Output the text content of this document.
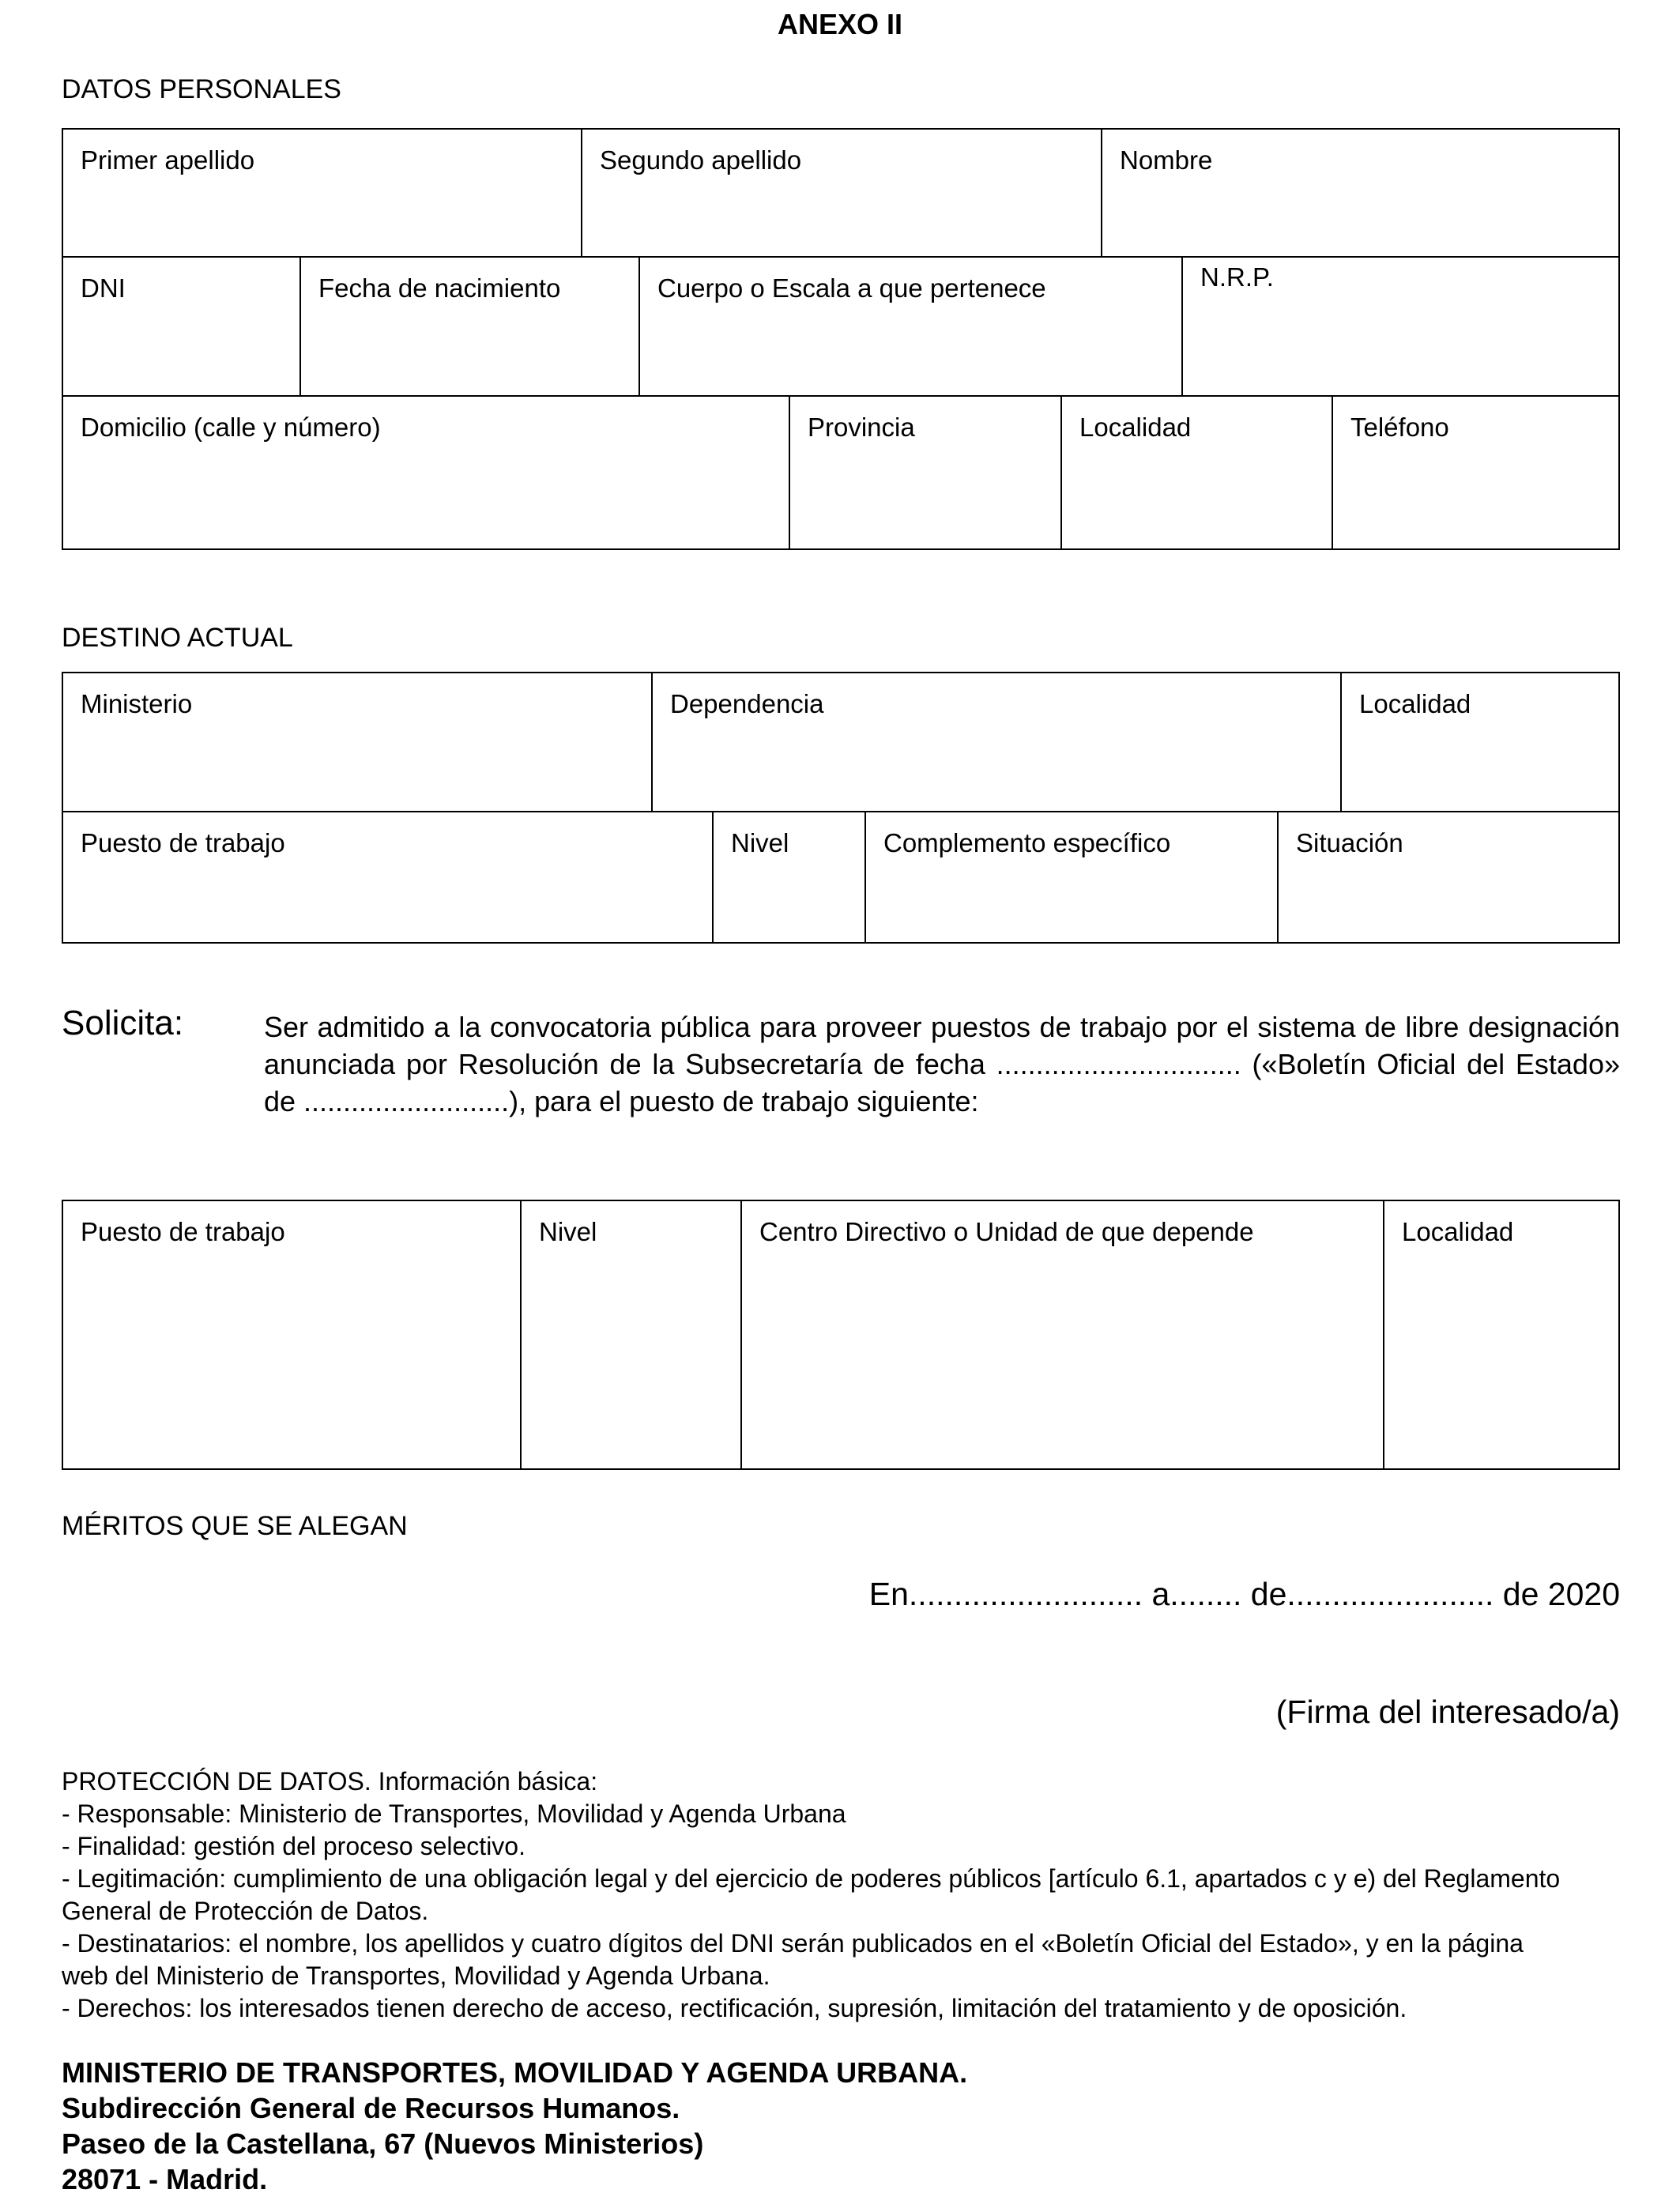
ANEXO II
DATOS PERSONALES
Primer apellido	Segundo apellido	Nombre
DNI	Fecha de nacimiento	Cuerpo o Escala a que pertenece	N.R.P.
Domicilio (calle y número)	Provincia	Localidad	Teléfono
DESTINO ACTUAL
Ministerio	Dependencia	Localidad
Puesto de trabajo	Nivel	Complemento específico	Situación
Solicita:	Ser admitido a la convocatoria pública para proveer puestos de trabajo por el sistema de libre designación anunciada por Resolución de la Subsecretaría de fecha ............................... («Boletín Oficial del Estado» de ..........................), para el puesto de trabajo siguiente:

Puesto de trabajo	Nivel	Centro Directivo o Unidad de que depende	Localidad
MÉRITOS QUE SE ALEGAN
En.......................... a........ de....................... de 2020
(Firma del interesado/a)
PROTECCIÓN DE DATOS. Información básica:
- Responsable: Ministerio de Transportes, Movilidad y Agenda Urbana
- Finalidad: gestión del proceso selectivo.
- Legitimación: cumplimiento de una obligación legal y del ejercicio de poderes públicos [artículo 6.1, apartados c y e) del Reglamento General de Protección de Datos.
- Destinatarios: el nombre, los apellidos y cuatro dígitos del DNI serán publicados en el «Boletín Oficial del Estado», y en la página web del Ministerio de Transportes, Movilidad y Agenda Urbana.
- Derechos: los interesados tienen derecho de acceso, rectificación, supresión, limitación del tratamiento y de oposición.
MINISTERIO DE TRANSPORTES, MOVILIDAD Y AGENDA URBANA.
Subdirección General de Recursos Humanos.
Paseo de la Castellana, 67 (Nuevos Ministerios)
28071 - Madrid.
